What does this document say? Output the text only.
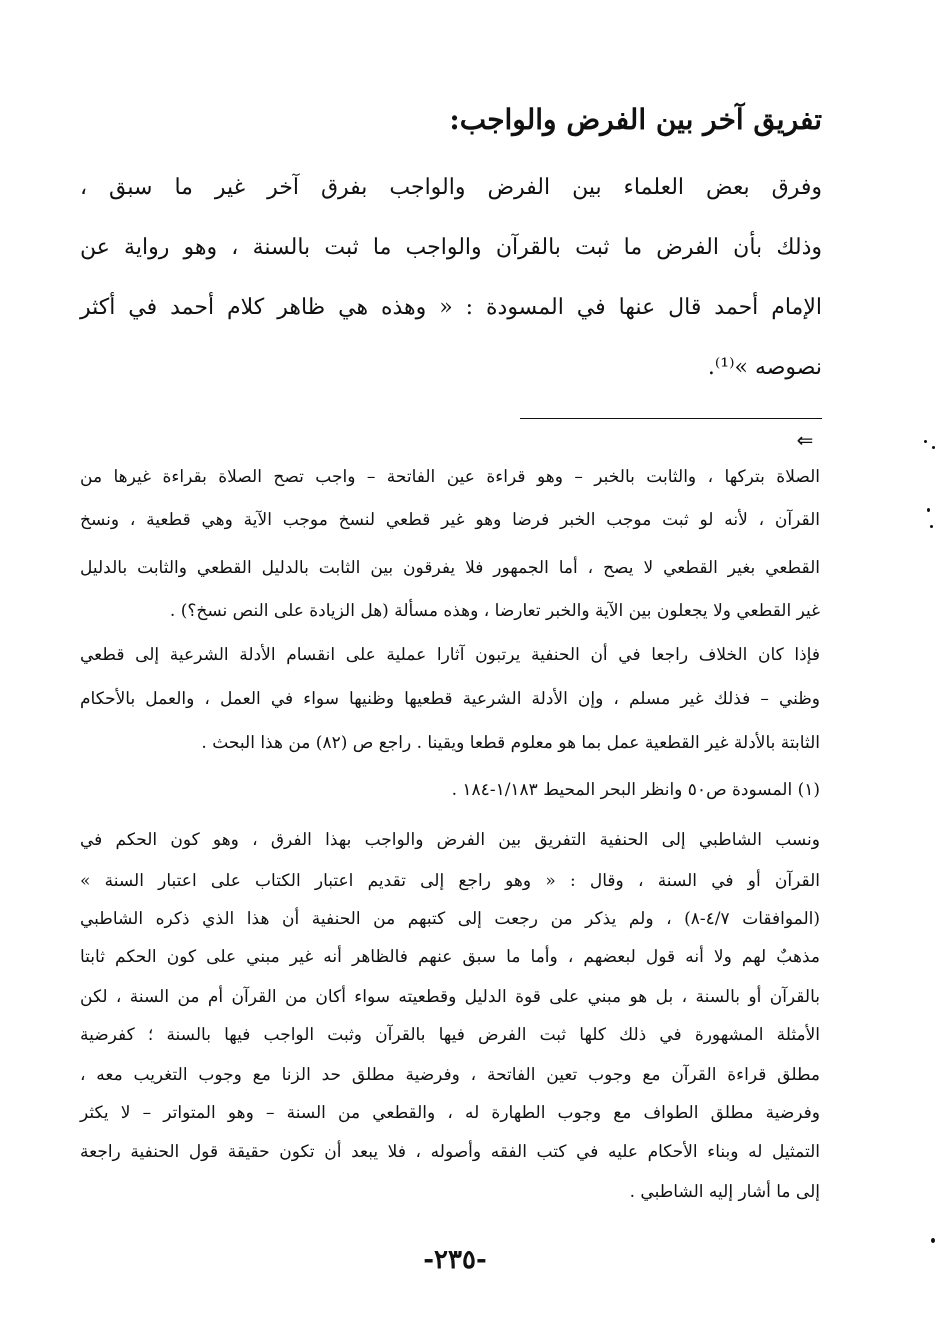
تفريق آخر بين الفرض والواجب:
وفرق بعض العلماء بين الفرض والواجب بفرق آخر غير ما سبق ،
وذلك بأن الفرض ما ثبت بالقرآن والواجب ما ثبت بالسنة ، وهو رواية عن
الإمام أحمد قال عنها في المسودة : « وهذه هي ظاهر كلام أحمد في أكثر
نصوصه »⁽¹⁾.
⇐
الصلاة بتركها ، والثابت بالخبر – وهو قراءة عين الفاتحة – واجب تصح الصلاة بقراءة غيرها من
القرآن ، لأنه لو ثبت موجب الخبر فرضا وهو غير قطعي لنسخ موجب الآية وهي قطعية ، ونسخ
القطعي بغير القطعي لا يصح ، أما الجمهور فلا يفرقون بين الثابت بالدليل القطعي والثابت بالدليل
غير القطعي ولا يجعلون بين الآية والخبر تعارضا ، وهذه مسألة (هل الزيادة على النص نسخ؟) .
فإذا كان الخلاف راجعا في أن الحنفية يرتبون آثارا عملية على انقسام الأدلة الشرعية إلى قطعي
وظني – فذلك غير مسلم ، وإن الأدلة الشرعية قطعيها وظنيها سواء في العمل ، والعمل بالأحكام
الثابتة بالأدلة غير القطعية عمل بما هو معلوم قطعا ويقينا . راجع ص (٨٢) من هذا البحث .
(١) المسودة ص٥٠ وانظر البحر المحيط ١/١٨٣-١٨٤ .
ونسب الشاطبي إلى الحنفية التفريق بين الفرض والواجب بهذا الفرق ، وهو كون الحكم في
القرآن أو في السنة ، وقال : « وهو راجع إلى تقديم اعتبار الكتاب على اعتبار السنة »
(الموافقات ٤/٧-٨) ، ولم يذكر من رجعت إلى كتبهم من الحنفية أن هذا الذي ذكره الشاطبي
مذهبٌ لهم ولا أنه قول لبعضهم ، وأما ما سبق عنهم فالظاهر أنه غير مبني على كون الحكم ثابتا
بالقرآن أو بالسنة ، بل هو مبني على قوة الدليل وقطعيته سواء أكان من القرآن أم من السنة ، لكن
الأمثلة المشهورة في ذلك كلها ثبت الفرض فيها بالقرآن وثبت الواجب فيها بالسنة ؛ كفرضية
مطلق قراءة القرآن مع وجوب تعين الفاتحة ، وفرضية مطلق حد الزنا مع وجوب التغريب معه ،
وفرضية مطلق الطواف مع وجوب الطهارة له ، والقطعي من السنة – وهو المتواتر – لا يكثر
التمثيل له وبناء الأحكام عليه في كتب الفقه وأصوله ، فلا يبعد أن تكون حقيقة قول الحنفية راجعة
إلى ما أشار إليه الشاطبي .
-٢٣٥-
